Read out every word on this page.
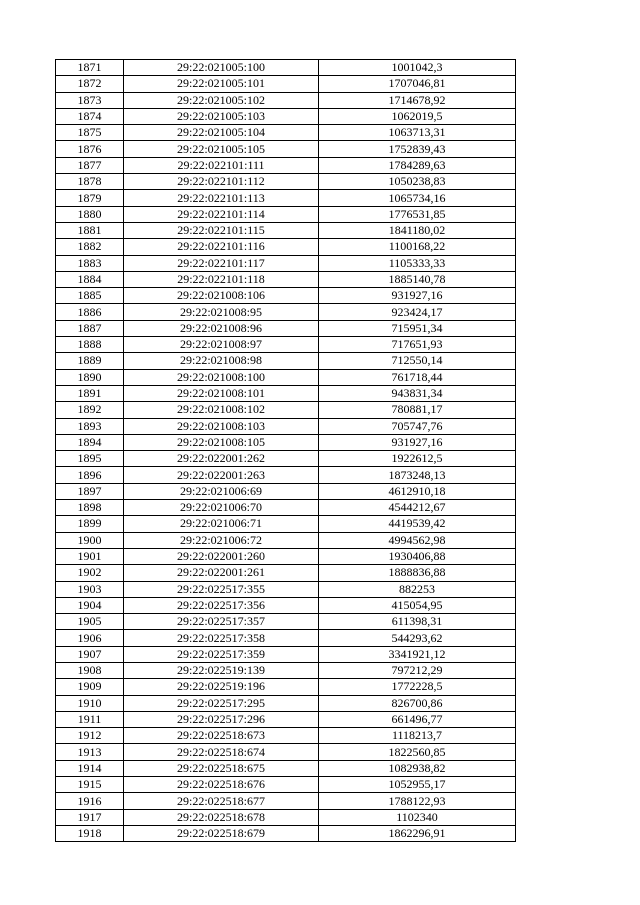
1871	29:22:021005:100	1001042,3
1872	29:22:021005:101	1707046,81
1873	29:22:021005:102	1714678,92
1874	29:22:021005:103	1062019,5
1875	29:22:021005:104	1063713,31
1876	29:22:021005:105	1752839,43
1877	29:22:022101:111	1784289,63
1878	29:22:022101:112	1050238,83
1879	29:22:022101:113	1065734,16
1880	29:22:022101:114	1776531,85
1881	29:22:022101:115	1841180,02
1882	29:22:022101:116	1100168,22
1883	29:22:022101:117	1105333,33
1884	29:22:022101:118	1885140,78
1885	29:22:021008:106	931927,16
1886	29:22:021008:95	923424,17
1887	29:22:021008:96	715951,34
1888	29:22:021008:97	717651,93
1889	29:22:021008:98	712550,14
1890	29:22:021008:100	761718,44
1891	29:22:021008:101	943831,34
1892	29:22:021008:102	780881,17
1893	29:22:021008:103	705747,76
1894	29:22:021008:105	931927,16
1895	29:22:022001:262	1922612,5
1896	29:22:022001:263	1873248,13
1897	29:22:021006:69	4612910,18
1898	29:22:021006:70	4544212,67
1899	29:22:021006:71	4419539,42
1900	29:22:021006:72	4994562,98
1901	29:22:022001:260	1930406,88
1902	29:22:022001:261	1888836,88
1903	29:22:022517:355	882253
1904	29:22:022517:356	415054,95
1905	29:22:022517:357	611398,31
1906	29:22:022517:358	544293,62
1907	29:22:022517:359	3341921,12
1908	29:22:022519:139	797212,29
1909	29:22:022519:196	1772228,5
1910	29:22:022517:295	826700,86
1911	29:22:022517:296	661496,77
1912	29:22:022518:673	1118213,7
1913	29:22:022518:674	1822560,85
1914	29:22:022518:675	1082938,82
1915	29:22:022518:676	1052955,17
1916	29:22:022518:677	1788122,93
1917	29:22:022518:678	1102340
1918	29:22:022518:679	1862296,91
